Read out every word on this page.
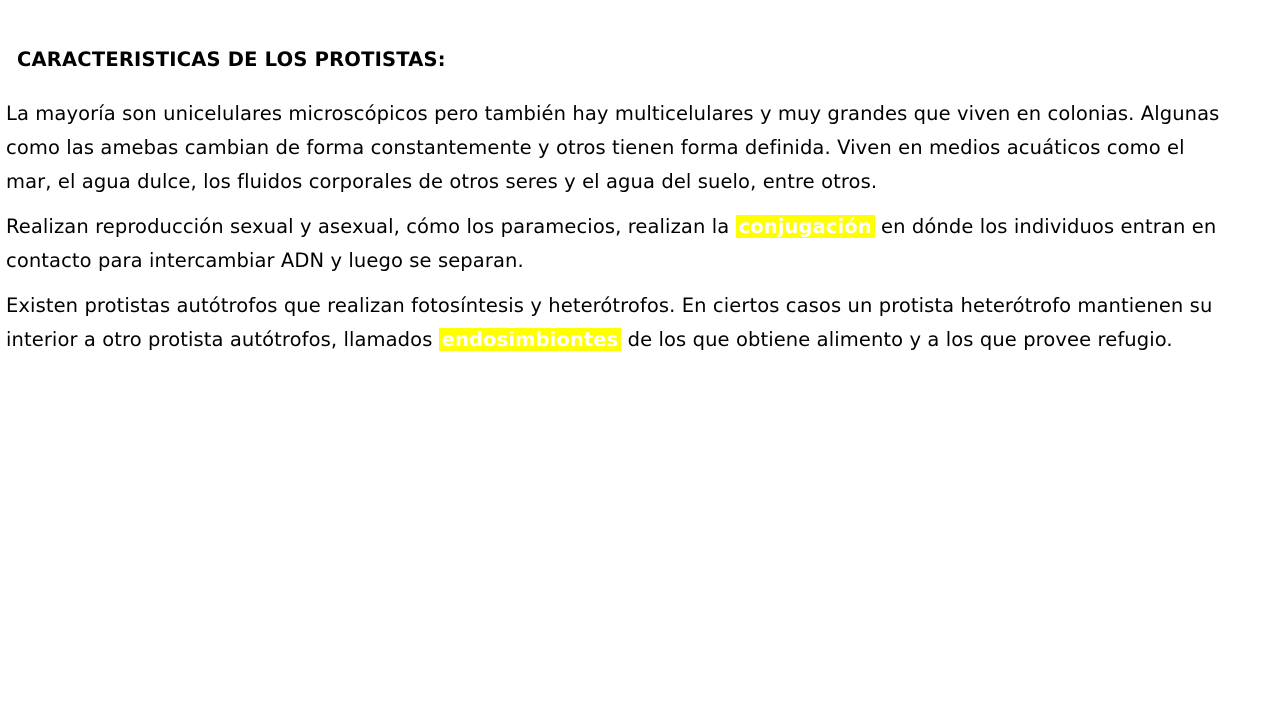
CARACTERISTICAS DE LOS PROTISTAS:

La mayoría son unicelulares microscópicos pero también hay multicelulares y muy grandes que viven en colonias. Algunas como las amebas cambian de forma constantemente y otros tienen forma definida. Viven en medios acuáticos como el mar, el agua dulce, los fluidos corporales de otros seres y el agua del suelo, entre otros.

Realizan reproducción sexual y asexual, cómo los paramecios, realizan la conjugación en dónde los individuos entran en contacto para intercambiar ADN y luego se separan.

Existen protistas autótrofos que realizan fotosíntesis y heterótrofos. En ciertos casos un protista heterótrofo mantienen su interior a otro protista autótrofos, llamados endosimbiontes de los que obtiene alimento y a los que provee refugio.
